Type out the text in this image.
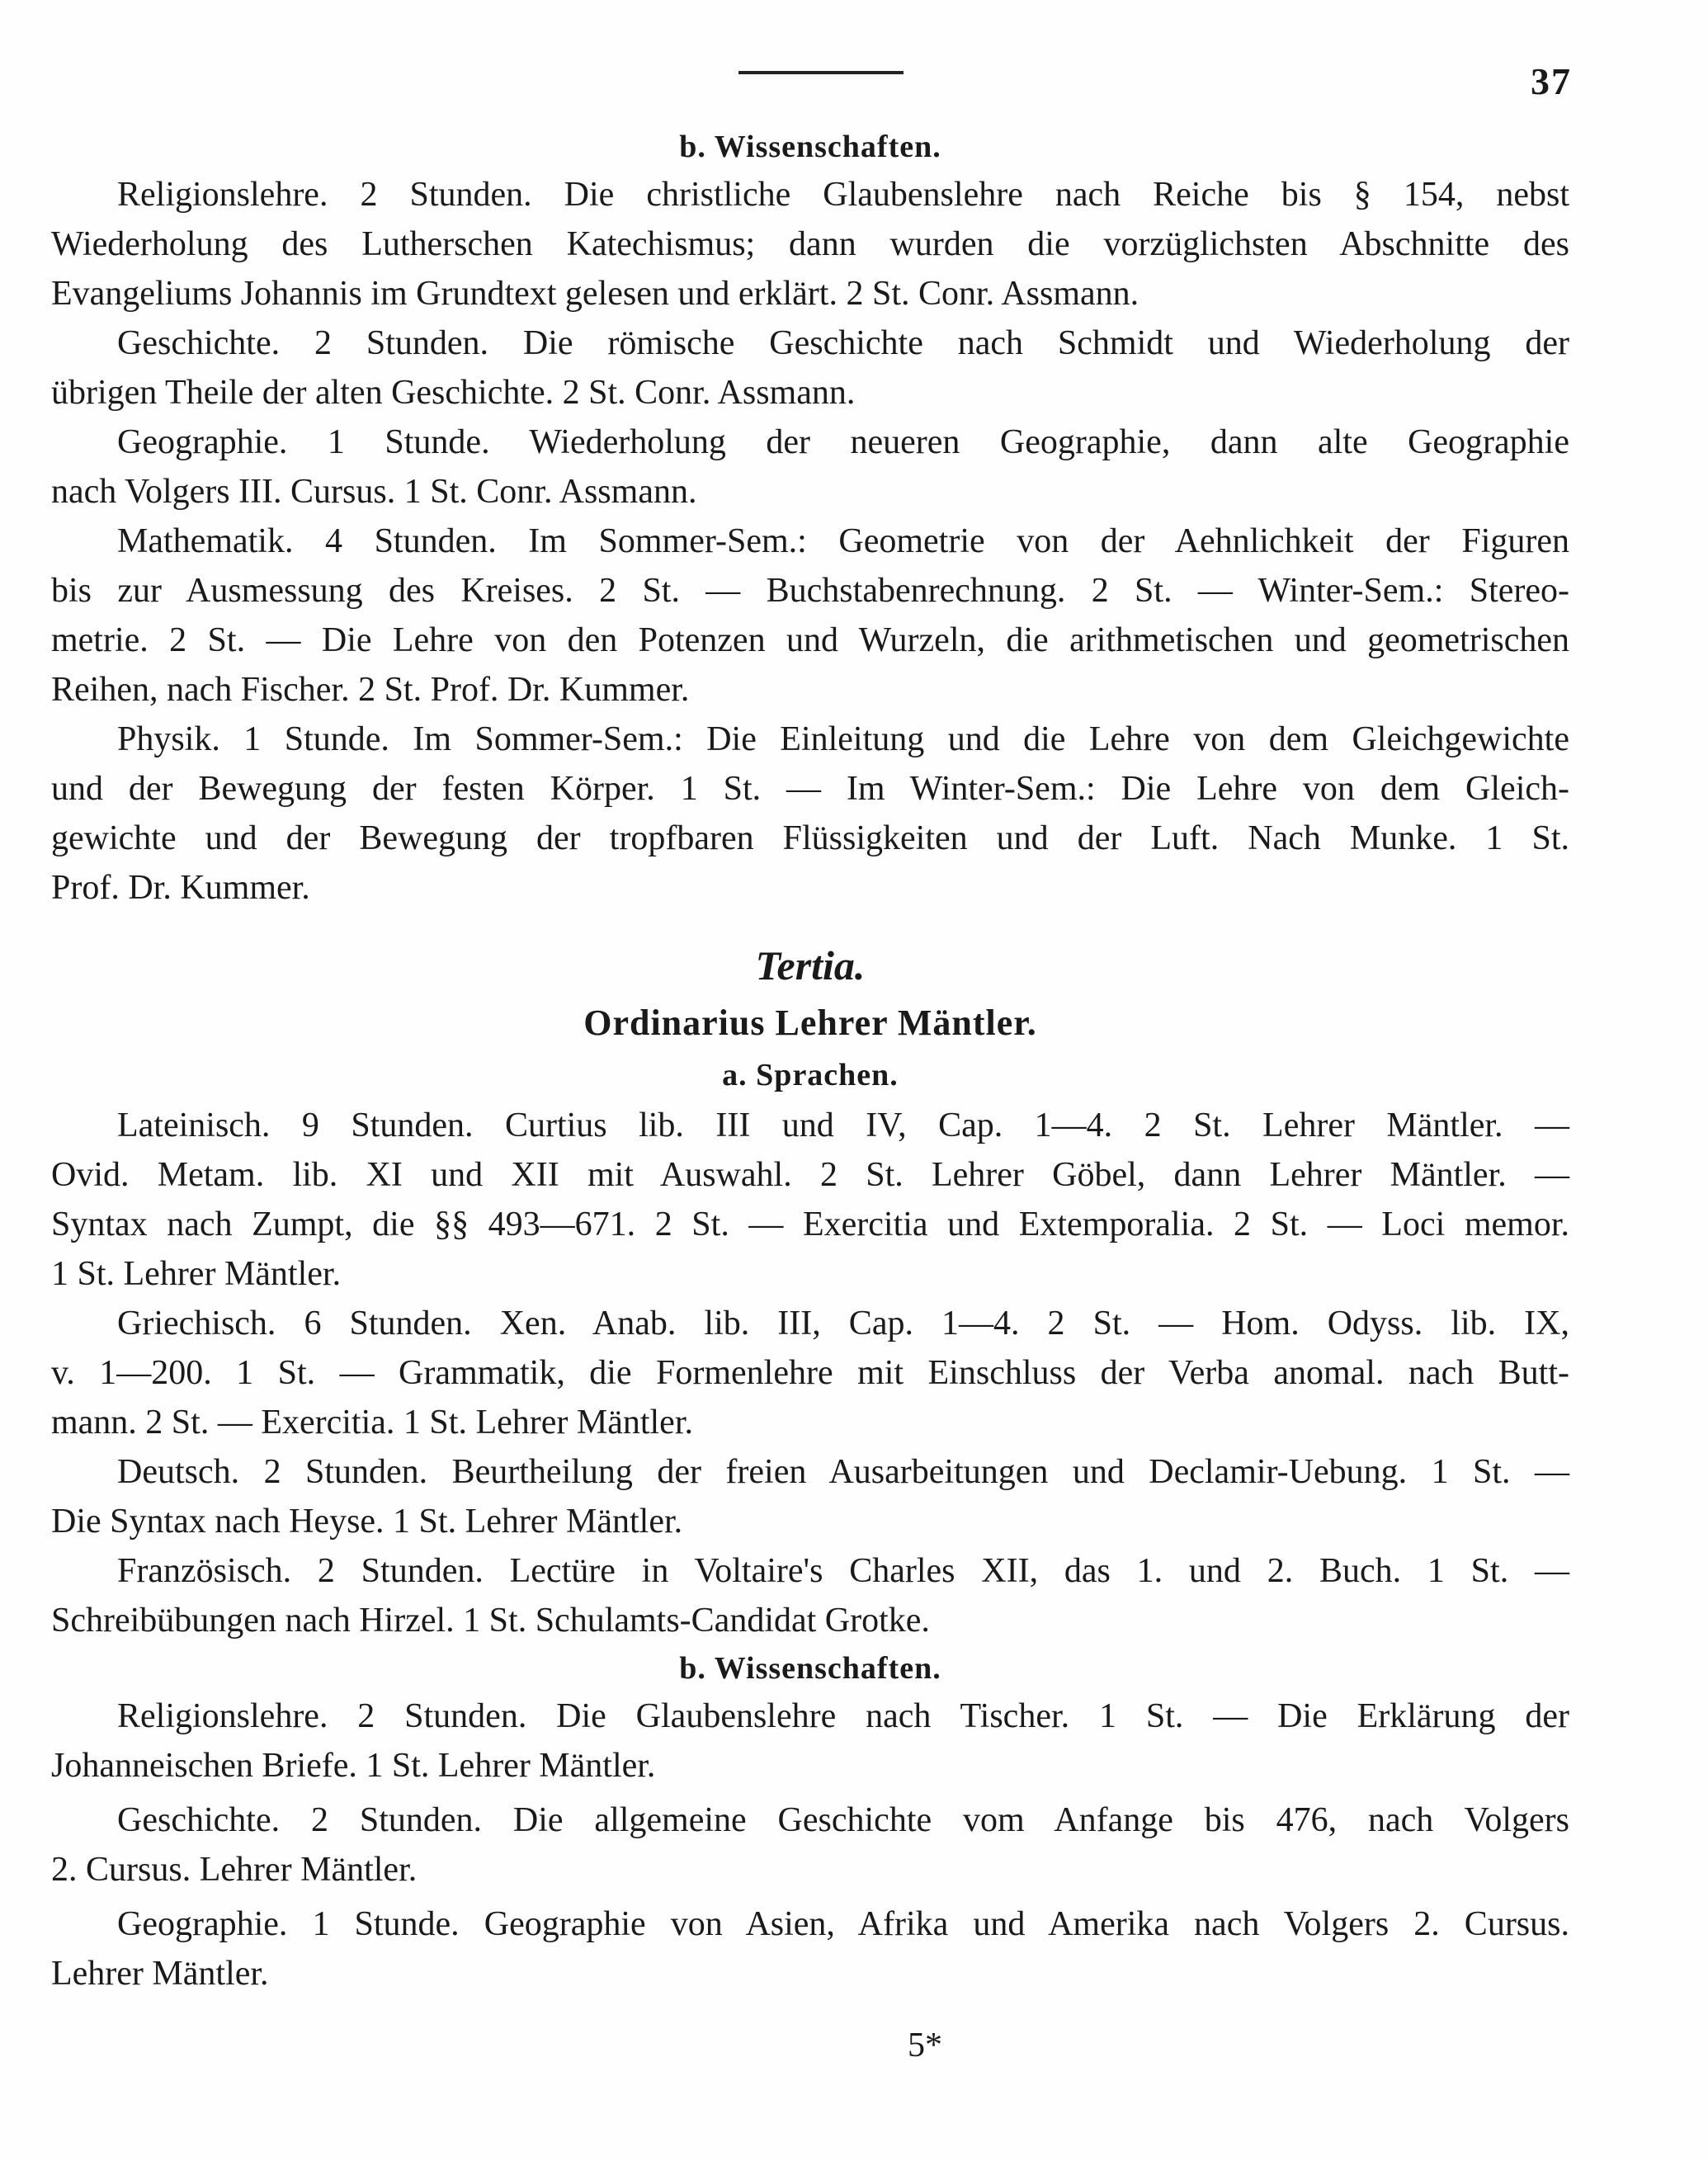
37
b. Wissenschaften.
Religionslehre. 2 Stunden. Die christliche Glaubenslehre nach Reiche bis § 154, nebst
Wiederholung des Lutherschen Katechismus; dann wurden die vorzüglichsten Abschnitte des
Evangeliums Johannis im Grundtext gelesen und erklärt. 2 St. Conr. Assmann.
Geschichte. 2 Stunden. Die römische Geschichte nach Schmidt und Wiederholung der
übrigen Theile der alten Geschichte. 2 St. Conr. Assmann.
Geographie. 1 Stunde. Wiederholung der neueren Geographie, dann alte Geographie
nach Volgers III. Cursus. 1 St. Conr. Assmann.
Mathematik. 4 Stunden. Im Sommer-Sem.: Geometrie von der Aehnlichkeit der Figuren
bis zur Ausmessung des Kreises. 2 St. — Buchstabenrechnung. 2 St. — Winter-Sem.: Stereo-
metrie. 2 St. — Die Lehre von den Potenzen und Wurzeln, die arithmetischen und geometrischen
Reihen, nach Fischer. 2 St. Prof. Dr. Kummer.
Physik. 1 Stunde. Im Sommer-Sem.: Die Einleitung und die Lehre von dem Gleichgewichte
und der Bewegung der festen Körper. 1 St. — Im Winter-Sem.: Die Lehre von dem Gleich-
gewichte und der Bewegung der tropfbaren Flüssigkeiten und der Luft. Nach Munke. 1 St.
Prof. Dr. Kummer.
Tertia.
Ordinarius Lehrer Mäntler.
a. Sprachen.
Lateinisch. 9 Stunden. Curtius lib. III und IV, Cap. 1—4. 2 St. Lehrer Mäntler. —
Ovid. Metam. lib. XI und XII mit Auswahl. 2 St. Lehrer Göbel, dann Lehrer Mäntler. —
Syntax nach Zumpt, die §§ 493—671. 2 St. — Exercitia und Extemporalia. 2 St. — Loci memor.
1 St. Lehrer Mäntler.
Griechisch. 6 Stunden. Xen. Anab. lib. III, Cap. 1—4. 2 St. — Hom. Odyss. lib. IX,
v. 1—200. 1 St. — Grammatik, die Formenlehre mit Einschluss der Verba anomal. nach Butt-
mann. 2 St. — Exercitia. 1 St. Lehrer Mäntler.
Deutsch. 2 Stunden. Beurtheilung der freien Ausarbeitungen und Declamir-Uebung. 1 St. —
Die Syntax nach Heyse. 1 St. Lehrer Mäntler.
Französisch. 2 Stunden. Lectüre in Voltaire's Charles XII, das 1. und 2. Buch. 1 St. —
Schreibübungen nach Hirzel. 1 St. Schulamts-Candidat Grotke.
b. Wissenschaften.
Religionslehre. 2 Stunden. Die Glaubenslehre nach Tischer. 1 St. — Die Erklärung der
Johanneischen Briefe. 1 St. Lehrer Mäntler.
Geschichte. 2 Stunden. Die allgemeine Geschichte vom Anfange bis 476, nach Volgers
2. Cursus. Lehrer Mäntler.
Geographie. 1 Stunde. Geographie von Asien, Afrika und Amerika nach Volgers 2. Cursus.
Lehrer Mäntler.
5*
